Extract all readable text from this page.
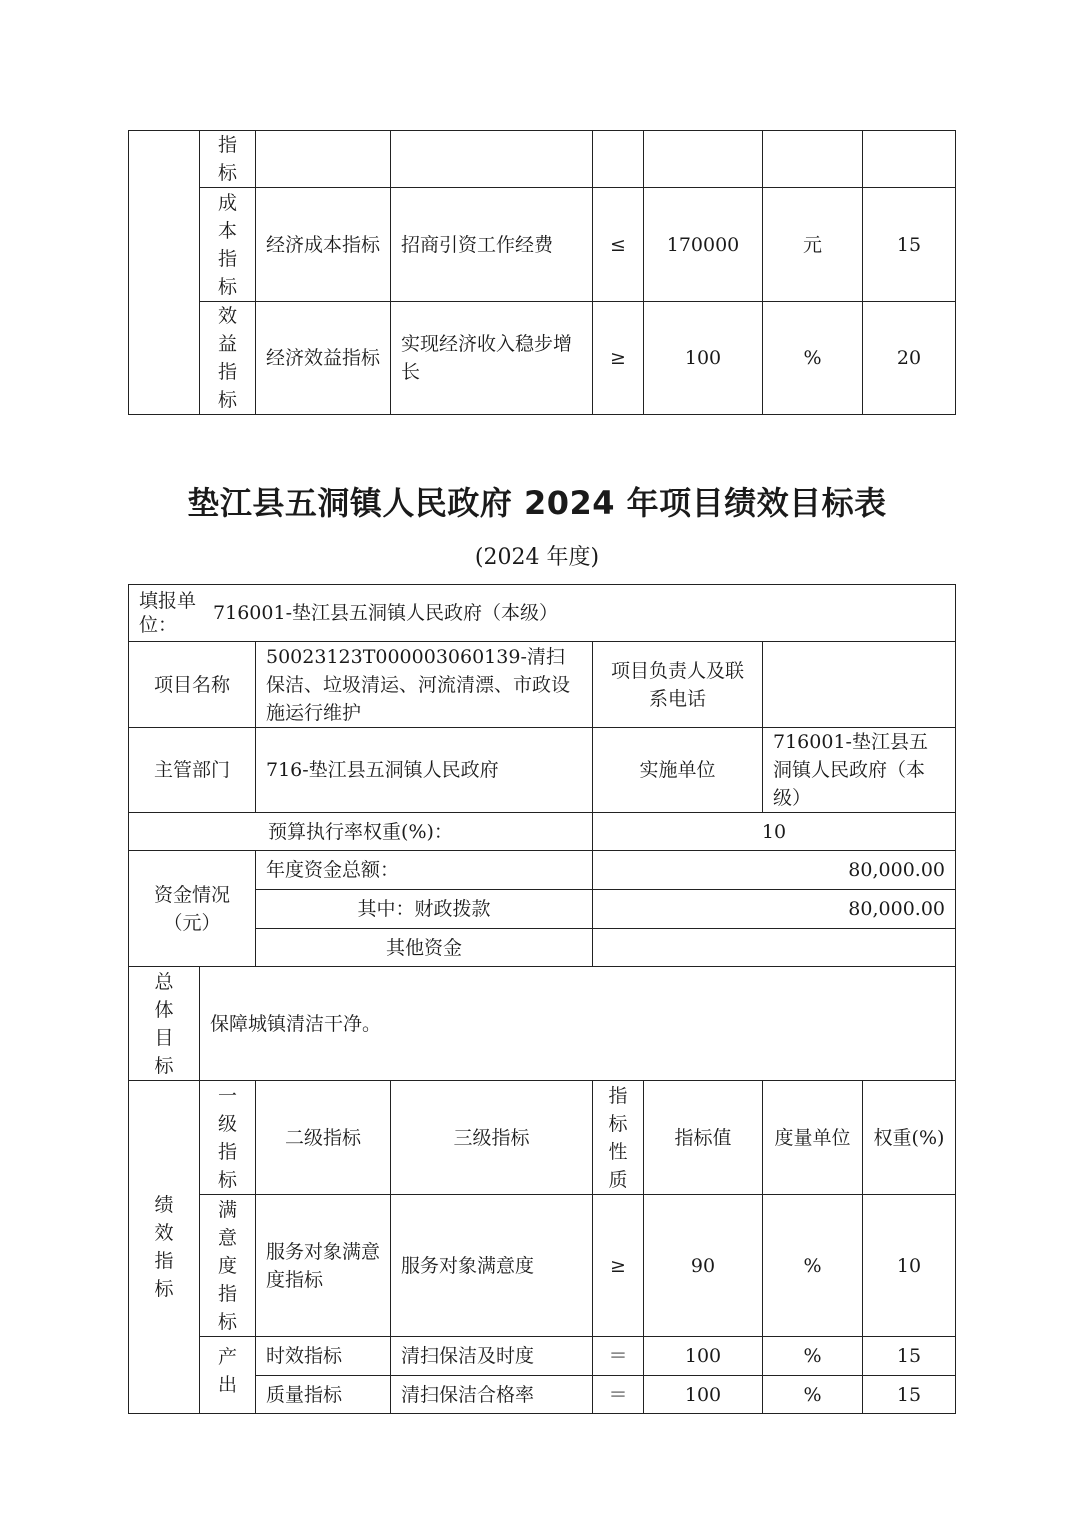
	指标						
	成本指标	经济成本指标	招商引资工作经费	≤	170000	元	15
	效益指标	经济效益指标	实现经济收入稳步增长	≥	100	%	20
垫江县五洞镇人民政府 2024 年项目绩效目标表
(2024 年度)
填报单位： 716001-垫江县五洞镇人民政府（本级）							
项目名称		50023123T000003060139-清扫保洁、垃圾清运、河流清漂、市政设施运行维护		项目负责人及联系电话			
主管部门		716-垫江县五洞镇人民政府		实施单位		716001-垫江县五洞镇人民政府（本级）	
预算执行率权重(%)：				10			
资金情况（元）		年度资金总额：		80,000.00			
		其中：财政拨款		80,000.00			
		其他资金					
总体目标	保障城镇清洁干净。						
绩效指标	一级指标	二级指标	三级指标	指标性质	指标值	度量单位	权重(%)
	满意度指标	服务对象满意度指标	服务对象满意度	≥	90	%	10
	产出	时效指标	清扫保洁及时度	＝	100	%	15
		质量指标	清扫保洁合格率	＝	100	%	15
